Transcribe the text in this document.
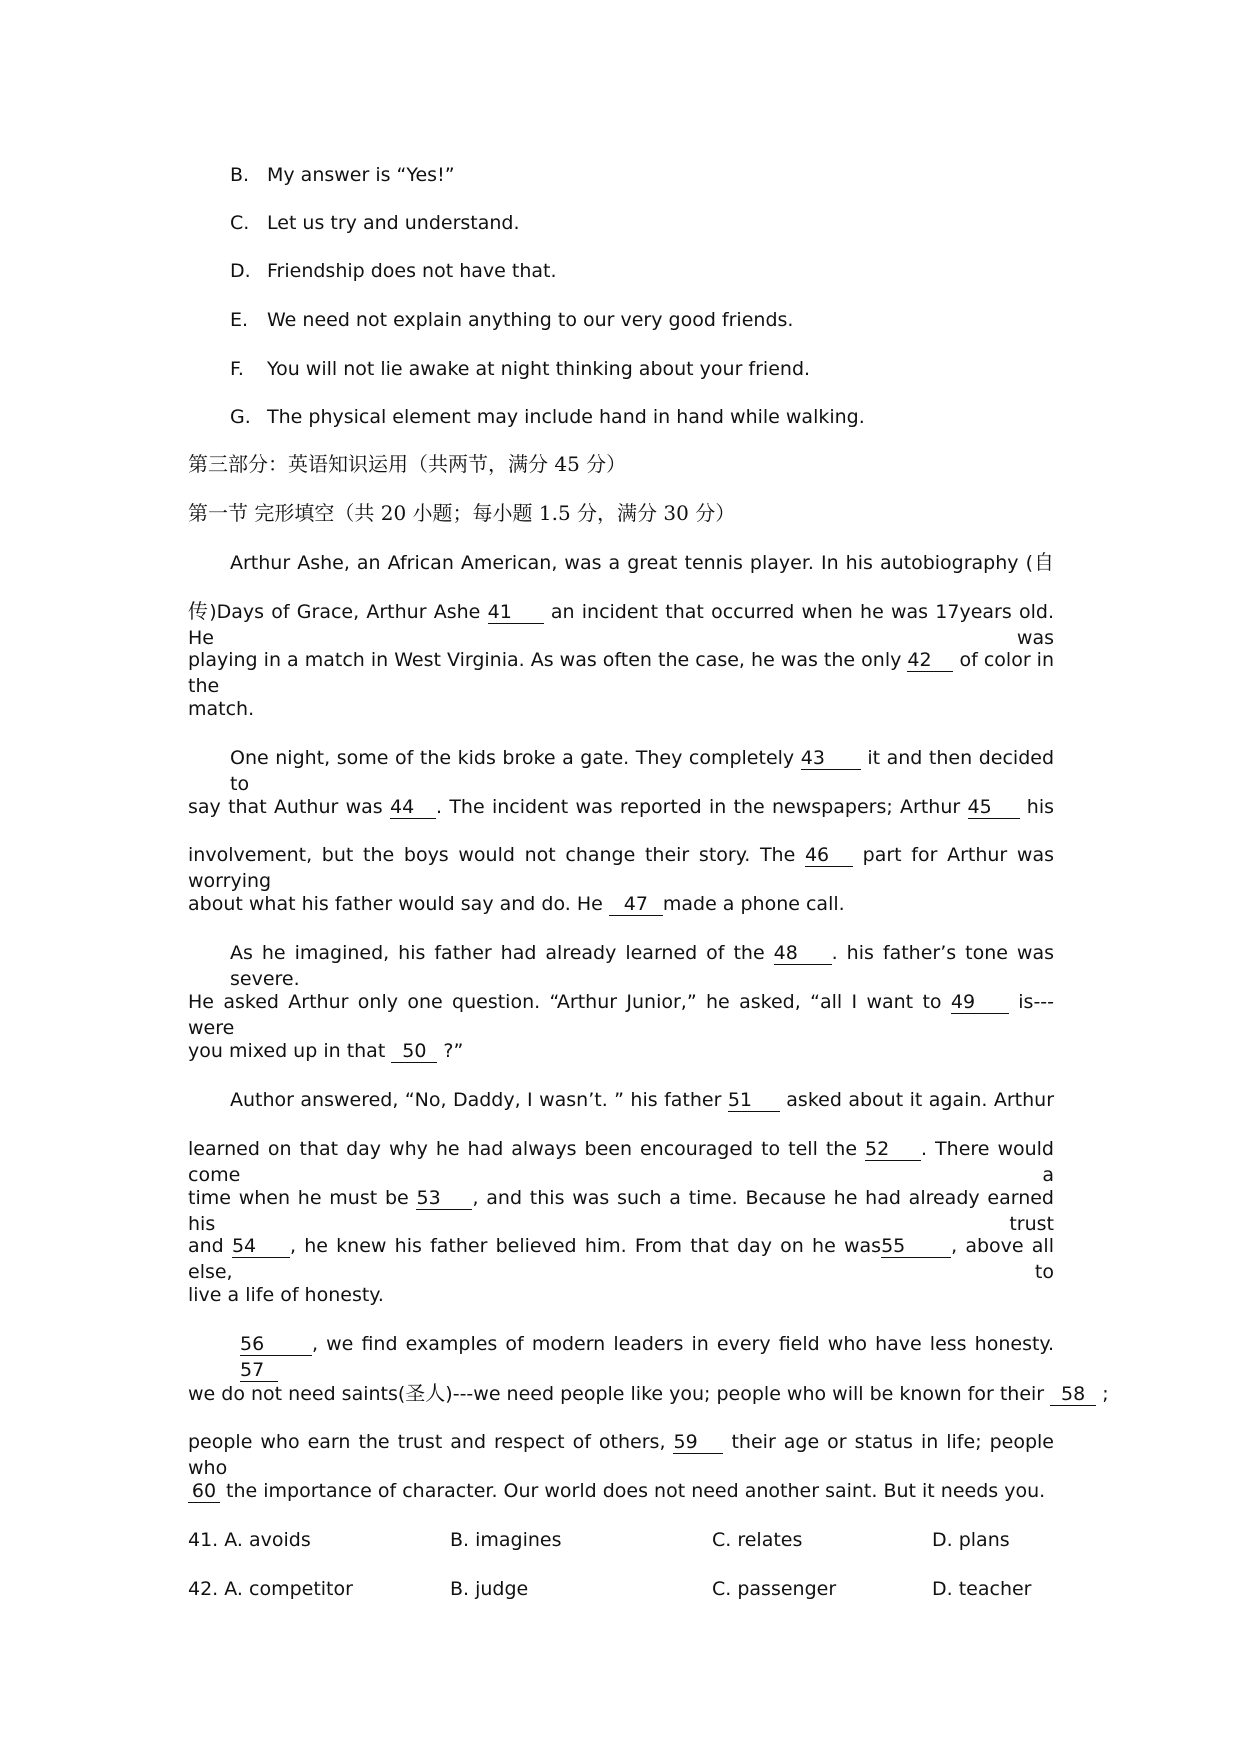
B. My answer is “Yes!”
C. Let us try and understand.
D. Friendship does not have that.
E. We need not explain anything to our very good friends.
F. You will not lie awake at night thinking about your friend.
G. The physical element may include hand in hand while walking.
第三部分：英语知识运用（共两节，满分 45 分）
第一节 完形填空（共 20 小题；每小题 1.5 分，满分 30 分）
Arthur Ashe, an African American, was a great tennis player. In his autobiography (自
传)Days of Grace, Arthur Ashe 41 an incident that occurred when he was 17years old. He was
playing in a match in West Virginia. As was often the case, he was the only 42 of color in the
match.
One night, some of the kids broke a gate. They completely 43 it and then decided to
say that Authur was 44 . The incident was reported in the newspapers; Arthur 45 his
involvement, but the boys would not change their story. The 46 part for Arthur was worrying
about what his father would say and do. He 47 made a phone call.
As he imagined, his father had already learned of the 48 . his father’s tone was severe.
He asked Arthur only one question. “Arthur Junior,” he asked, “all I want to 49 is--- were
you mixed up in that 50 ?”
Author answered, “No, Daddy, I wasn’t. ” his father 51 asked about it again. Arthur
learned on that day why he had always been encouraged to tell the 52 . There would come a
time when he must be 53 , and this was such a time. Because he had already earned his trust
and 54 , he knew his father believed him. From that day on he was55 , above all else, to
live a life of honesty.
56	, we find examples of modern leaders in every field who have less honesty. 57
we do not need saints(圣人)---we need people like you; people who will be known for their 58 ;
people who earn the trust and respect of others, 59 their age or status in life; people who
60 the importance of character. Our world does not need another saint. But it needs you.
41. A. avoids	B. imagines	C. relates	D. plans
42. A. competitor	B. judge	C. passenger	D. teacher
